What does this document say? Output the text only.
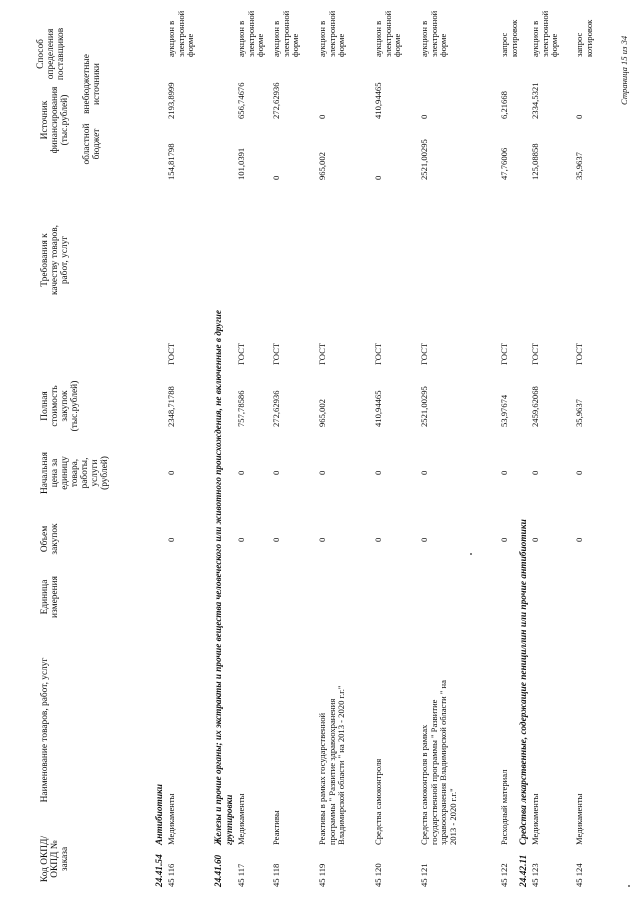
Код ОКПД/ ОКПД № заказа
Наименование товаров, работ, услуг
Единица измерения
Объем закупок
Начальная цена за единицу товара, работы, услуги (рублей)
Полная стоимость закупок (тыс.рублей)
Требования к качеству товаров, работ, услуг
Источник финансирования (тыс.рублей) областной бюджет
внебюджетные источники
Способ определения поставщиков
24.41.54
Антибиотики
45 116
Медикаменты
0
0
2348,71788
ГОСТ
154,81798
2193,8999
аукцион в электронной форме
24.41.60
Железы и прочие органы; их экстракты и прочие вещества человеческого или животного происхождения, не включенные в другие группировки
45 117
Медикаменты
0
0
757,78586
ГОСТ
101,0391
656,74676
аукцион в электронной форме
45 118
Реактивы
0
0
272,62936
ГОСТ
0
272,62936
аукцион в электронной форме
45 119
Реактивы в рамках государственной программы " Развитие здравоохранения Владимирской области " на 2013 - 2020 г.г."
0
0
965,002
ГОСТ
965,002
0
аукцион в электронной форме
45 120
Средства самоконтроля
0
0
410,94465
ГОСТ
0
410,94465
аукцион в электронной форме
45 121
Средства самоконтроля в рамках государственной программы " Развитие здравоохранения Владимирской области " на 2013 - 2020 г.г."
0
0
2521,00295
ГОСТ
2521,00295
0
аукцион в электронной форме
45 122
Расходный материал
0
0
53,97674
ГОСТ
47,76006
6,21668
запрос котировок
24.42.11
Средства лекарственные, содержащие пенициллин или прочие антибиотики
45 123
Медикаменты
0
0
2459,62068
ГОСТ
125,08858
2334,5321
аукцион в электронной форме
45 124
Медикаменты
0
0
35,9637
ГОСТ
35,9637
0
запрос котировок	Страница 15 из 34
